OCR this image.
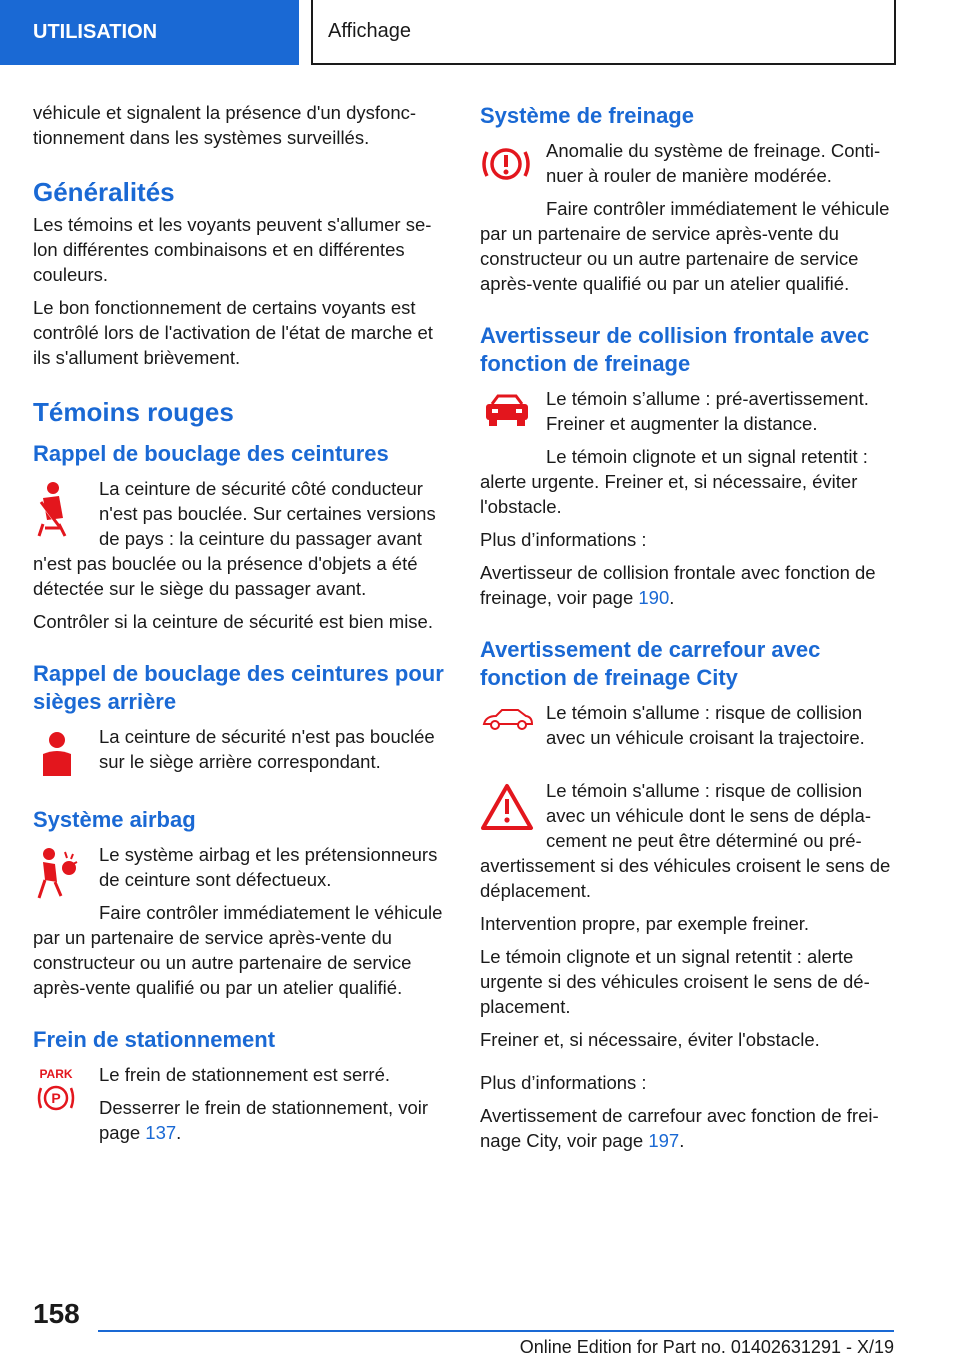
UTILISATION	Affichage

véhicule et signalent la présence d'un dysfonctionnement dans les systèmes surveillés.

Généralités

Les témoins et les voyants peuvent s'allumer selon différentes combinaisons et en différentes couleurs.

Le bon fonctionnement de certains voyants est contrôlé lors de l'activation de l'état de marche et ils s'allument brièvement.

Témoins rouges
Rappel de bouclage des ceintures

La ceinture de sécurité côté conducteur n'est pas bouclée. Sur certaines versions de pays : la ceinture du passager avant n'est pas bouclée ou la présence d'objets a été détectée sur le siège du passager avant.

Contrôler si la ceinture de sécurité est bien mise.

Rappel de bouclage des ceintures pour sièges arrière

La ceinture de sécurité n'est pas bouclée sur le siège arrière correspondant.

Système airbag

Le système airbag et les prétensionneurs de ceinture sont défectueux.

Faire contrôler immédiatement le véhicule par un partenaire de service après-vente du constructeur ou un autre partenaire de service après-vente qualifié ou par un atelier qualifié.

Frein de stationnement
PARK
P

Le frein de stationnement est serré.

Desserrer le frein de stationnement, voir page 137.

Système de freinage

Anomalie du système de freinage. Continuer à rouler de manière modérée.

Faire contrôler immédiatement le véhicule par un partenaire de service après-vente du constructeur ou un autre partenaire de service après-vente qualifié ou par un atelier qualifié.

Avertisseur de collision frontale avec fonction de freinage

Le témoin s’allume : pré-avertissement. Freiner et augmenter la distance.

Le témoin clignote et un signal retentit : alerte urgente. Freiner et, si nécessaire, éviter l'obstacle.

Plus d’informations :

Avertisseur de collision frontale avec fonction de freinage, voir page 190.

Avertissement de carrefour avec fonction de freinage City

Le témoin s'allume : risque de collision avec un véhicule croisant la trajectoire.

Le témoin s'allume : risque de collision avec un véhicule dont le sens de déplacement ne peut être déterminé ou pré-avertissement si des véhicules croisent le sens de déplacement.

Intervention propre, par exemple freiner.

Le témoin clignote et un signal retentit : alerte urgente si des véhicules croisent le sens de déplacement.

Freiner et, si nécessaire, éviter l'obstacle.

Plus d’informations :

Avertissement de carrefour avec fonction de freinage City, voir page 197.

158
Online Edition for Part no. 01402631291 - X/19
